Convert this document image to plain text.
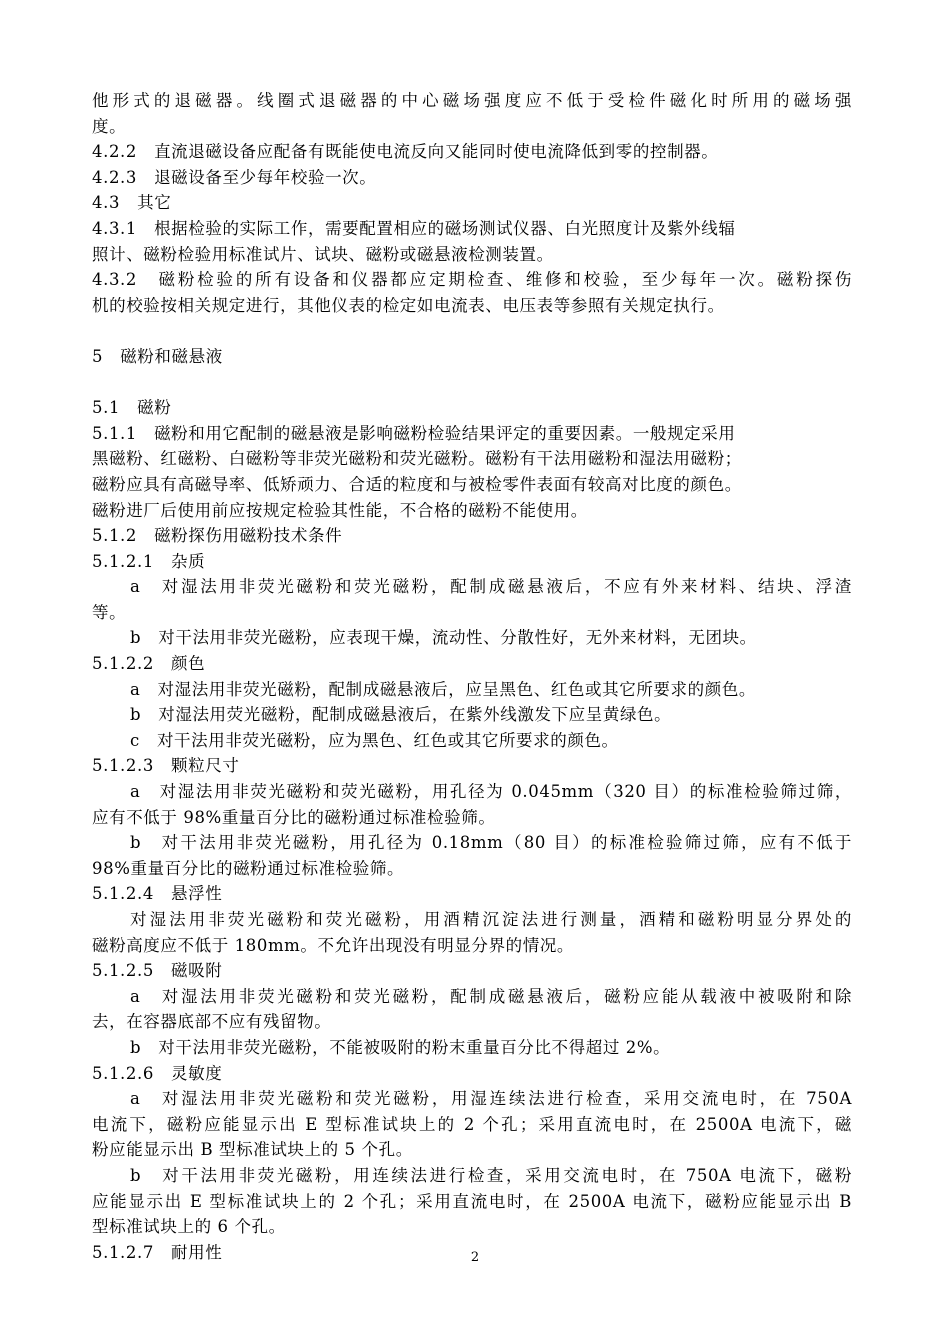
他形式的退磁器。线圈式退磁器的中心磁场强度应不低于受检件磁化时所用的磁场强
度。
4.2.2　直流退磁设备应配备有既能使电流反向又能同时使电流降低到零的控制器。
4.2.3　退磁设备至少每年校验一次。
4.3　其它
4.3.1　根据检验的实际工作，需要配置相应的磁场测试仪器、白光照度计及紫外线辐
照计、磁粉检验用标准试片、试块、磁粉或磁悬液检测装置。
4.3.2　磁粉检验的所有设备和仪器都应定期检查、维修和校验，至少每年一次。磁粉探伤
机的校验按相关规定进行，其他仪表的检定如电流表、电压表等参照有关规定执行。
5　磁粉和磁悬液
5.1　磁粉
5.1.1　磁粉和用它配制的磁悬液是影响磁粉检验结果评定的重要因素。一般规定采用
黑磁粉、红磁粉、白磁粉等非荧光磁粉和荧光磁粉。磁粉有干法用磁粉和湿法用磁粉；
磁粉应具有高磁导率、低矫顽力、合适的粒度和与被检零件表面有较高对比度的颜色。
磁粉进厂后使用前应按规定检验其性能，不合格的磁粉不能使用。
5.1.2　磁粉探伤用磁粉技术条件
5.1.2.1　杂质
a　对湿法用非荧光磁粉和荧光磁粉，配制成磁悬液后，不应有外来材料、结块、浮渣
等。
b　对干法用非荧光磁粉，应表现干燥，流动性、分散性好，无外来材料，无团块。
5.1.2.2　颜色
a　对湿法用非荧光磁粉，配制成磁悬液后，应呈黑色、红色或其它所要求的颜色。
b　对湿法用荧光磁粉，配制成磁悬液后，在紫外线激发下应呈黄绿色。
c　对干法用非荧光磁粉，应为黑色、红色或其它所要求的颜色。
5.1.2.3　颗粒尺寸
a　对湿法用非荧光磁粉和荧光磁粉，用孔径为 0.045mm（320 目）的标准检验筛过筛，
应有不低于 98%重量百分比的磁粉通过标准检验筛。
b　对干法用非荧光磁粉，用孔径为 0.18mm（80 目）的标准检验筛过筛，应有不低于
98%重量百分比的磁粉通过标准检验筛。
5.1.2.4　悬浮性
对湿法用非荧光磁粉和荧光磁粉，用酒精沉淀法进行测量，酒精和磁粉明显分界处的
磁粉高度应不低于 180mm。不允许出现没有明显分界的情况。
5.1.2.5　磁吸附
a　对湿法用非荧光磁粉和荧光磁粉，配制成磁悬液后，磁粉应能从载液中被吸附和除
去，在容器底部不应有残留物。
b　对干法用非荧光磁粉，不能被吸附的粉末重量百分比不得超过 2%。
5.1.2.6　灵敏度
a　对湿法用非荧光磁粉和荧光磁粉，用湿连续法进行检查，采用交流电时，在 750A
电流下，磁粉应能显示出 E 型标准试块上的 2 个孔；采用直流电时，在 2500A 电流下，磁
粉应能显示出 B 型标准试块上的 5 个孔。
b　对干法用非荧光磁粉，用连续法进行检查，采用交流电时，在 750A 电流下，磁粉
应能显示出 E 型标准试块上的 2 个孔；采用直流电时，在 2500A 电流下，磁粉应能显示出 B
型标准试块上的 6 个孔。
5.1.2.7　耐用性	2
